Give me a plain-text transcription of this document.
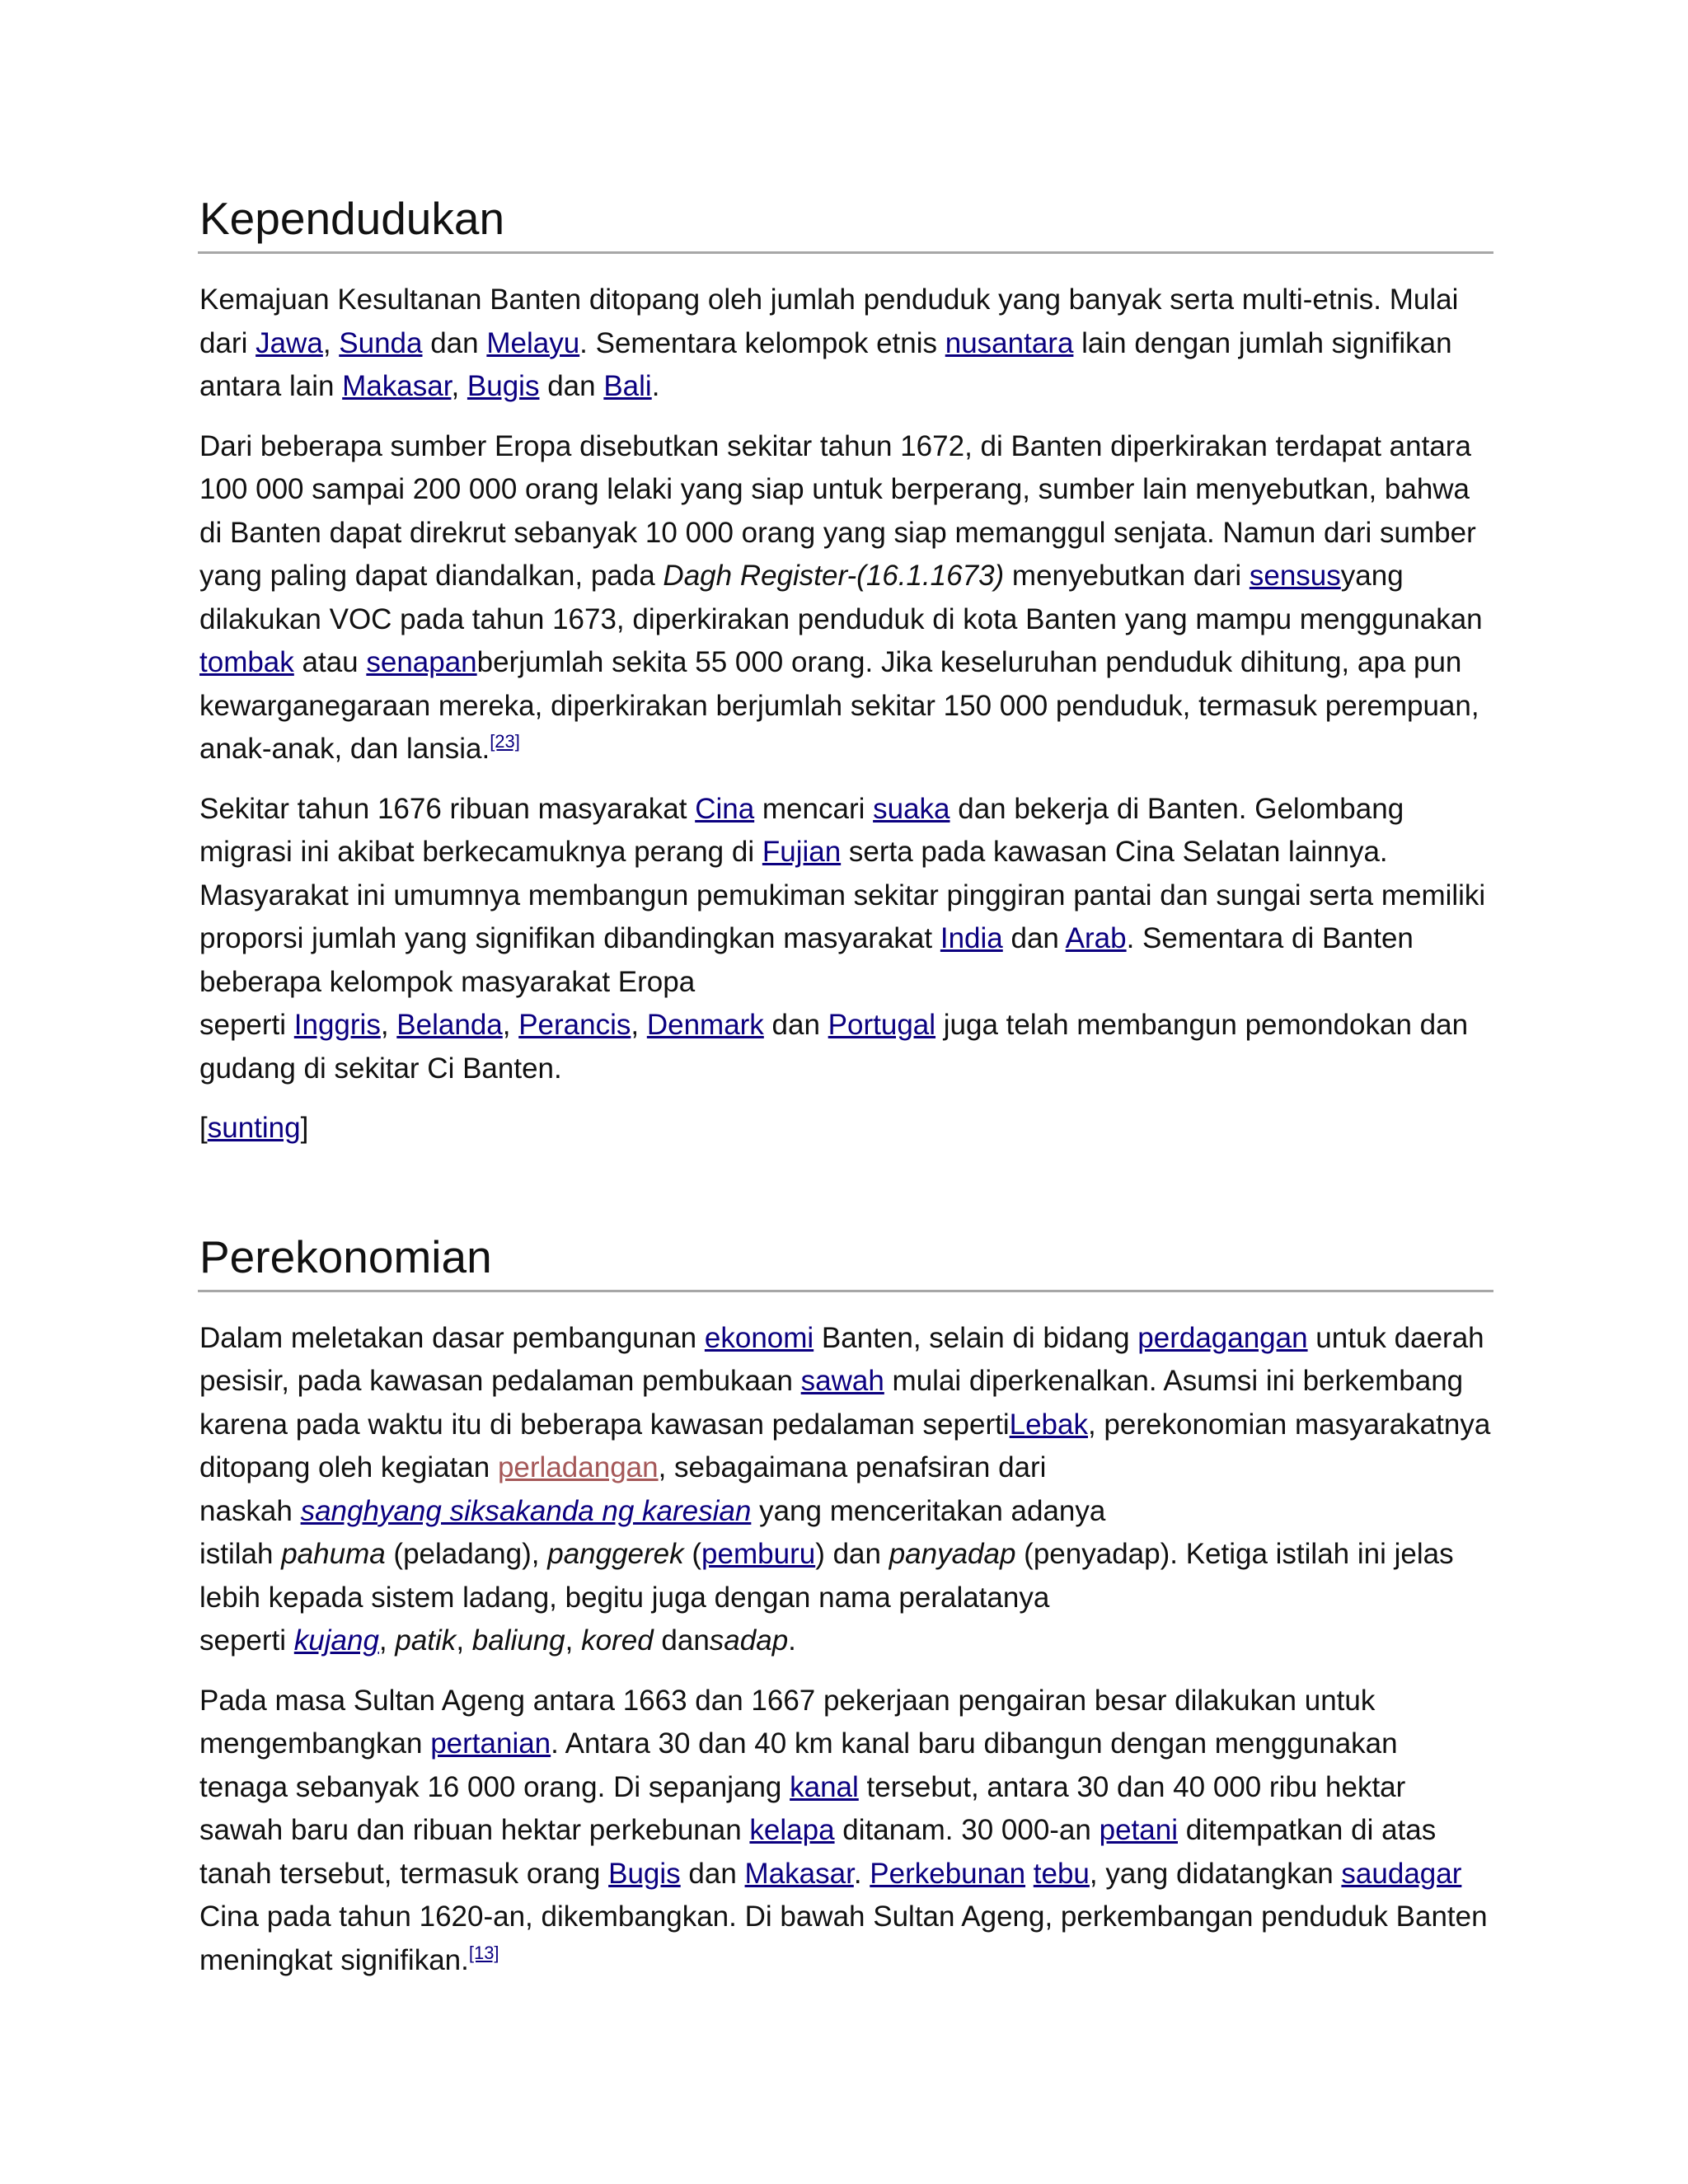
Kependudukan

Kemajuan Kesultanan Banten ditopang oleh jumlah penduduk yang banyak serta multi-etnis. Mulai dari Jawa, Sunda dan Melayu. Sementara kelompok etnis nusantara lain dengan jumlah signifikan antara lain Makasar, Bugis dan Bali.

Dari beberapa sumber Eropa disebutkan sekitar tahun 1672, di Banten diperkirakan terdapat antara 100 000 sampai 200 000 orang lelaki yang siap untuk berperang, sumber lain menyebutkan, bahwa di Banten dapat direkrut sebanyak 10 000 orang yang siap memanggul senjata. Namun dari sumber yang paling dapat diandalkan, pada Dagh Register-(16.1.1673) menyebutkan dari sensusyang dilakukan VOC pada tahun 1673, diperkirakan penduduk di kota Banten yang mampu menggunakan tombak atau senapanberjumlah sekita 55 000 orang. Jika keseluruhan penduduk dihitung, apa pun kewarganegaraan mereka, diperkirakan berjumlah sekitar 150 000 penduduk, termasuk perempuan, anak-anak, dan lansia.[23]

Sekitar tahun 1676 ribuan masyarakat Cina mencari suaka dan bekerja di Banten. Gelombang migrasi ini akibat berkecamuknya perang di Fujian serta pada kawasan Cina Selatan lainnya. Masyarakat ini umumnya membangun pemukiman sekitar pinggiran pantai dan sungai serta memiliki proporsi jumlah yang signifikan dibandingkan masyarakat India dan Arab. Sementara di Banten beberapa kelompok masyarakat Eropa
seperti Inggris, Belanda, Perancis, Denmark dan Portugal juga telah membangun pemondokan dan gudang di sekitar Ci Banten.

[sunting]

Perekonomian

Dalam meletakan dasar pembangunan ekonomi Banten, selain di bidang perdagangan untuk daerah pesisir, pada kawasan pedalaman pembukaan sawah mulai diperkenalkan. Asumsi ini berkembang karena pada waktu itu di beberapa kawasan pedalaman sepertiLebak, perekonomian masyarakatnya ditopang oleh kegiatan perladangan, sebagaimana penafsiran dari
naskah sanghyang siksakanda ng karesian yang menceritakan adanya
istilah pahuma (peladang), panggerek (pemburu) dan panyadap (penyadap). Ketiga istilah ini jelas lebih kepada sistem ladang, begitu juga dengan nama peralatanya
seperti kujang, patik, baliung, kored dansadap.

Pada masa Sultan Ageng antara 1663 dan 1667 pekerjaan pengairan besar dilakukan untuk mengembangkan pertanian. Antara 30 dan 40 km kanal baru dibangun dengan menggunakan tenaga sebanyak 16 000 orang. Di sepanjang kanal tersebut, antara 30 dan 40 000 ribu hektar sawah baru dan ribuan hektar perkebunan kelapa ditanam. 30 000-an petani ditempatkan di atas tanah tersebut, termasuk orang Bugis dan Makasar. Perkebunan tebu, yang didatangkan saudagar Cina pada tahun 1620-an, dikembangkan. Di bawah Sultan Ageng, perkembangan penduduk Banten meningkat signifikan.[13]
